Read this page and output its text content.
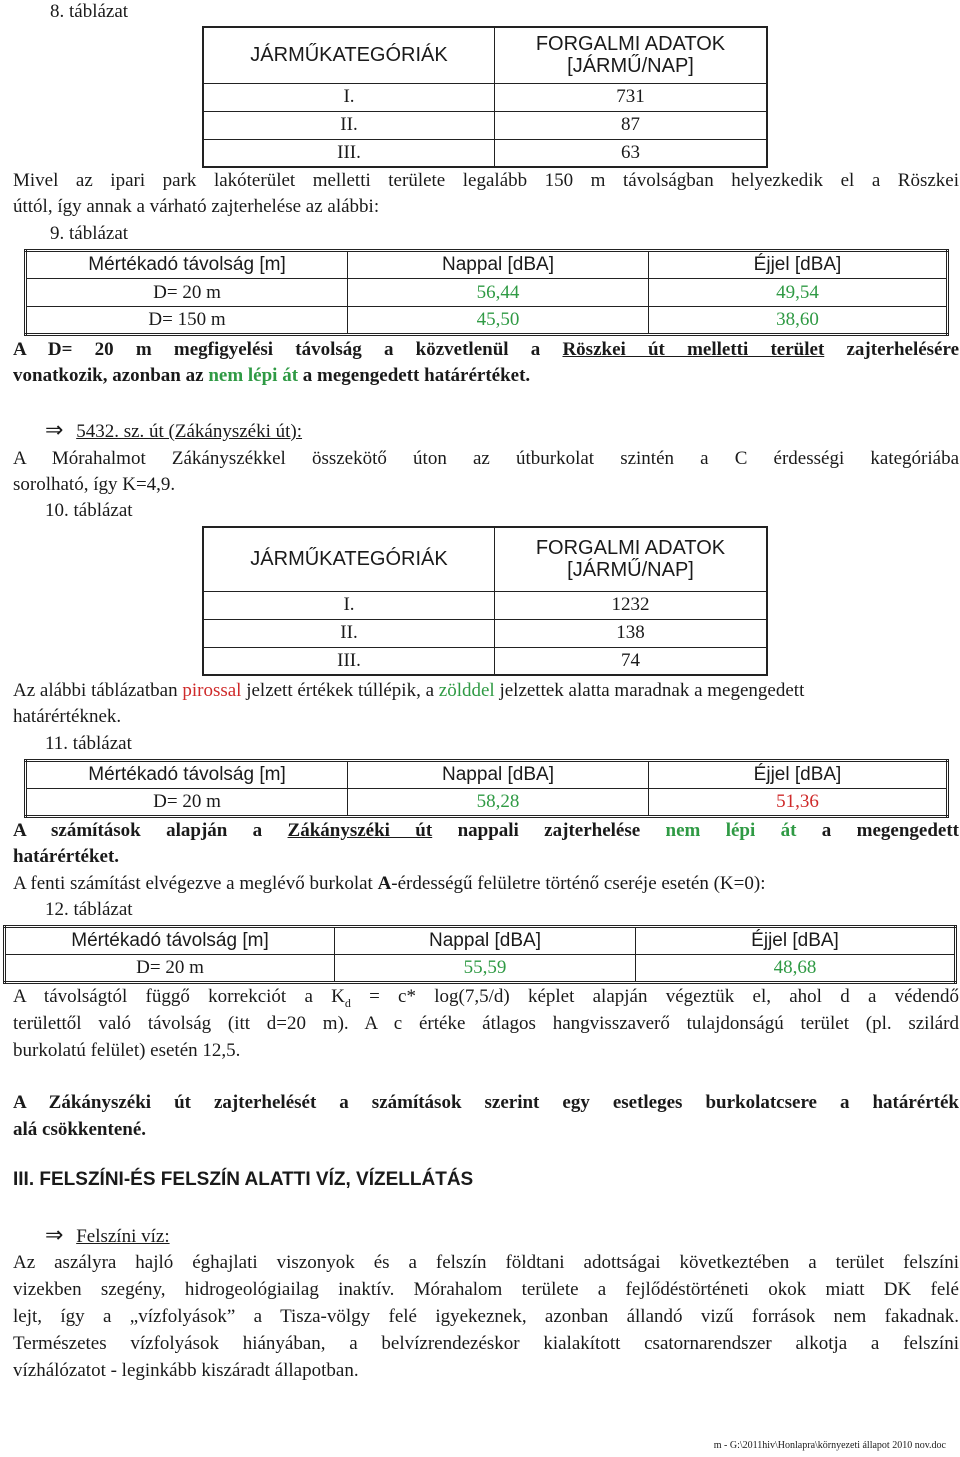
8. táblázat
JÁRMŰKATEGÓRIÁK	FORGALMI ADATOK [JÁRMŰ/NAP]
I.	731
II.	87
III.	63
Mivel az ipari park lakóterület melletti területe legalább 150 m távolságban helyezkedik el a Röszkei
úttól, így annak a várható zajterhelése az alábbi:
9. táblázat
Mértékadó távolság [m]	Nappal [dBA]	Éjjel [dBA]
D= 20 m	56,44	49,54
D= 150 m	45,50	38,60
A D= 20 m megfigyelési távolság a közvetlenül a Röszkei út melletti terület zajterhelésére
vonatkozik, azonban az nem lépi át a megengedett határértéket.
⇒ 5432. sz. út (Zákányszéki út):
A Mórahalmot Zákányszékkel összekötő úton az útburkolat szintén a C érdességi kategóriába
sorolható, így K=4,9.
10. táblázat
JÁRMŰKATEGÓRIÁK	FORGALMI ADATOK [JÁRMŰ/NAP]
I.	1232
II.	138
III.	74
Az alábbi táblázatban pirossal jelzett értékek túllépik, a zölddel jelzettek alatta maradnak a megengedett
határértéknek.
11. táblázat
Mértékadó távolság [m]	Nappal [dBA]	Éjjel [dBA]
D= 20 m	58,28	51,36
A számítások alapján a Zákányszéki út nappali zajterhelése nem lépi át a megengedett
határértéket.
A fenti számítást elvégezve a meglévő burkolat A-érdességű felületre történő cseréje esetén (K=0):
12. táblázat
Mértékadó távolság [m]	Nappal [dBA]	Éjjel [dBA]
D= 20 m	55,59	48,68
A távolságtól függő korrekciót a $K_d = c*$ log(7,5/d) képlet alapján végeztük el, ahol d a védendő
területtől való távolság (itt d=20 m). A c értéke átlagos hangvisszaverő tulajdonságú terület (pl. szilárd
burkolatú felület) esetén 12,5.
A Zákányszéki út zajterhelését a számítások szerint egy esetleges burkolatcsere a határérték
alá csökkentené.
III. FELSZÍNI-ÉS FELSZÍN ALATTI VÍZ, VÍZELLÁTÁS
⇒ Felszíni víz:
Az aszályra hajló éghajlati viszonyok és a felszín földtani adottságai következtében a terület felszíni
vizekben szegény, hidrogeológiailag inaktív. Mórahalom területe a fejlődéstörténeti okok miatt DK felé
lejt, így a „vízfolyások” a Tisza-völgy felé igyekeznek, azonban állandó vizű források nem fakadnak.
Természetes vízfolyások hiányában, a belvízrendezéskor kialakított csatornarendszer alkotja a felszíni
vízhálózatot - leginkább kiszáradt állapotban.
m - G:\2011hiv\Honlapra\környezeti állapot 2010 nov.doc
